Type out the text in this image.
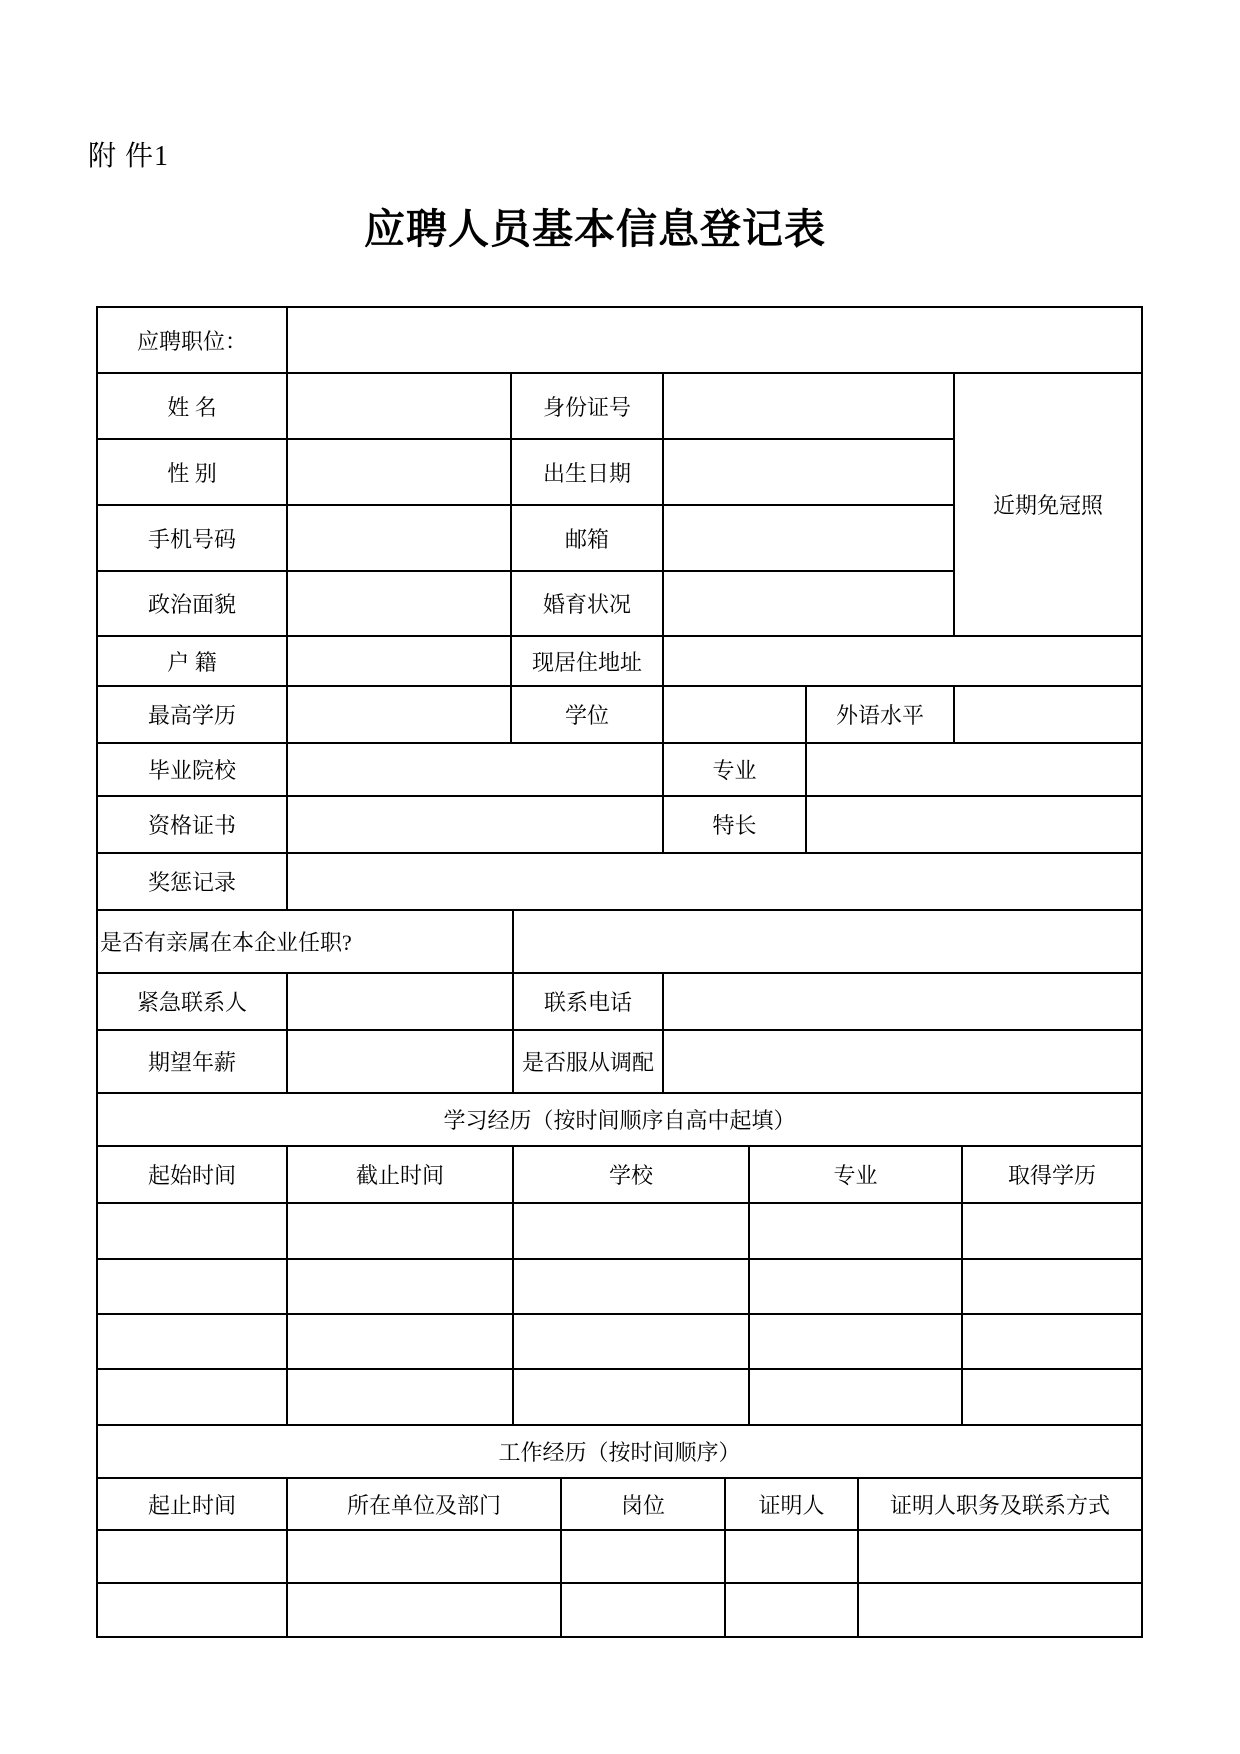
附 件1
应聘人员基本信息登记表
应聘职位：
姓 名	身份证号
性 别	出生日期
手机号码	邮箱
政治面貌	婚育状况
近期免冠照
户 籍	现居住地址
最高学历	学位	外语水平
毕业院校	专业
资格证书	特长
奖惩记录
是否有亲属在本企业任职?
紧急联系人	联系电话
期望年薪	是否服从调配
学习经历（按时间顺序自高中起填）
起始时间	截止时间	学校	专业	取得学历
工作经历（按时间顺序）
起止时间	所在单位及部门	岗位	证明人	证明人职务及联系方式
